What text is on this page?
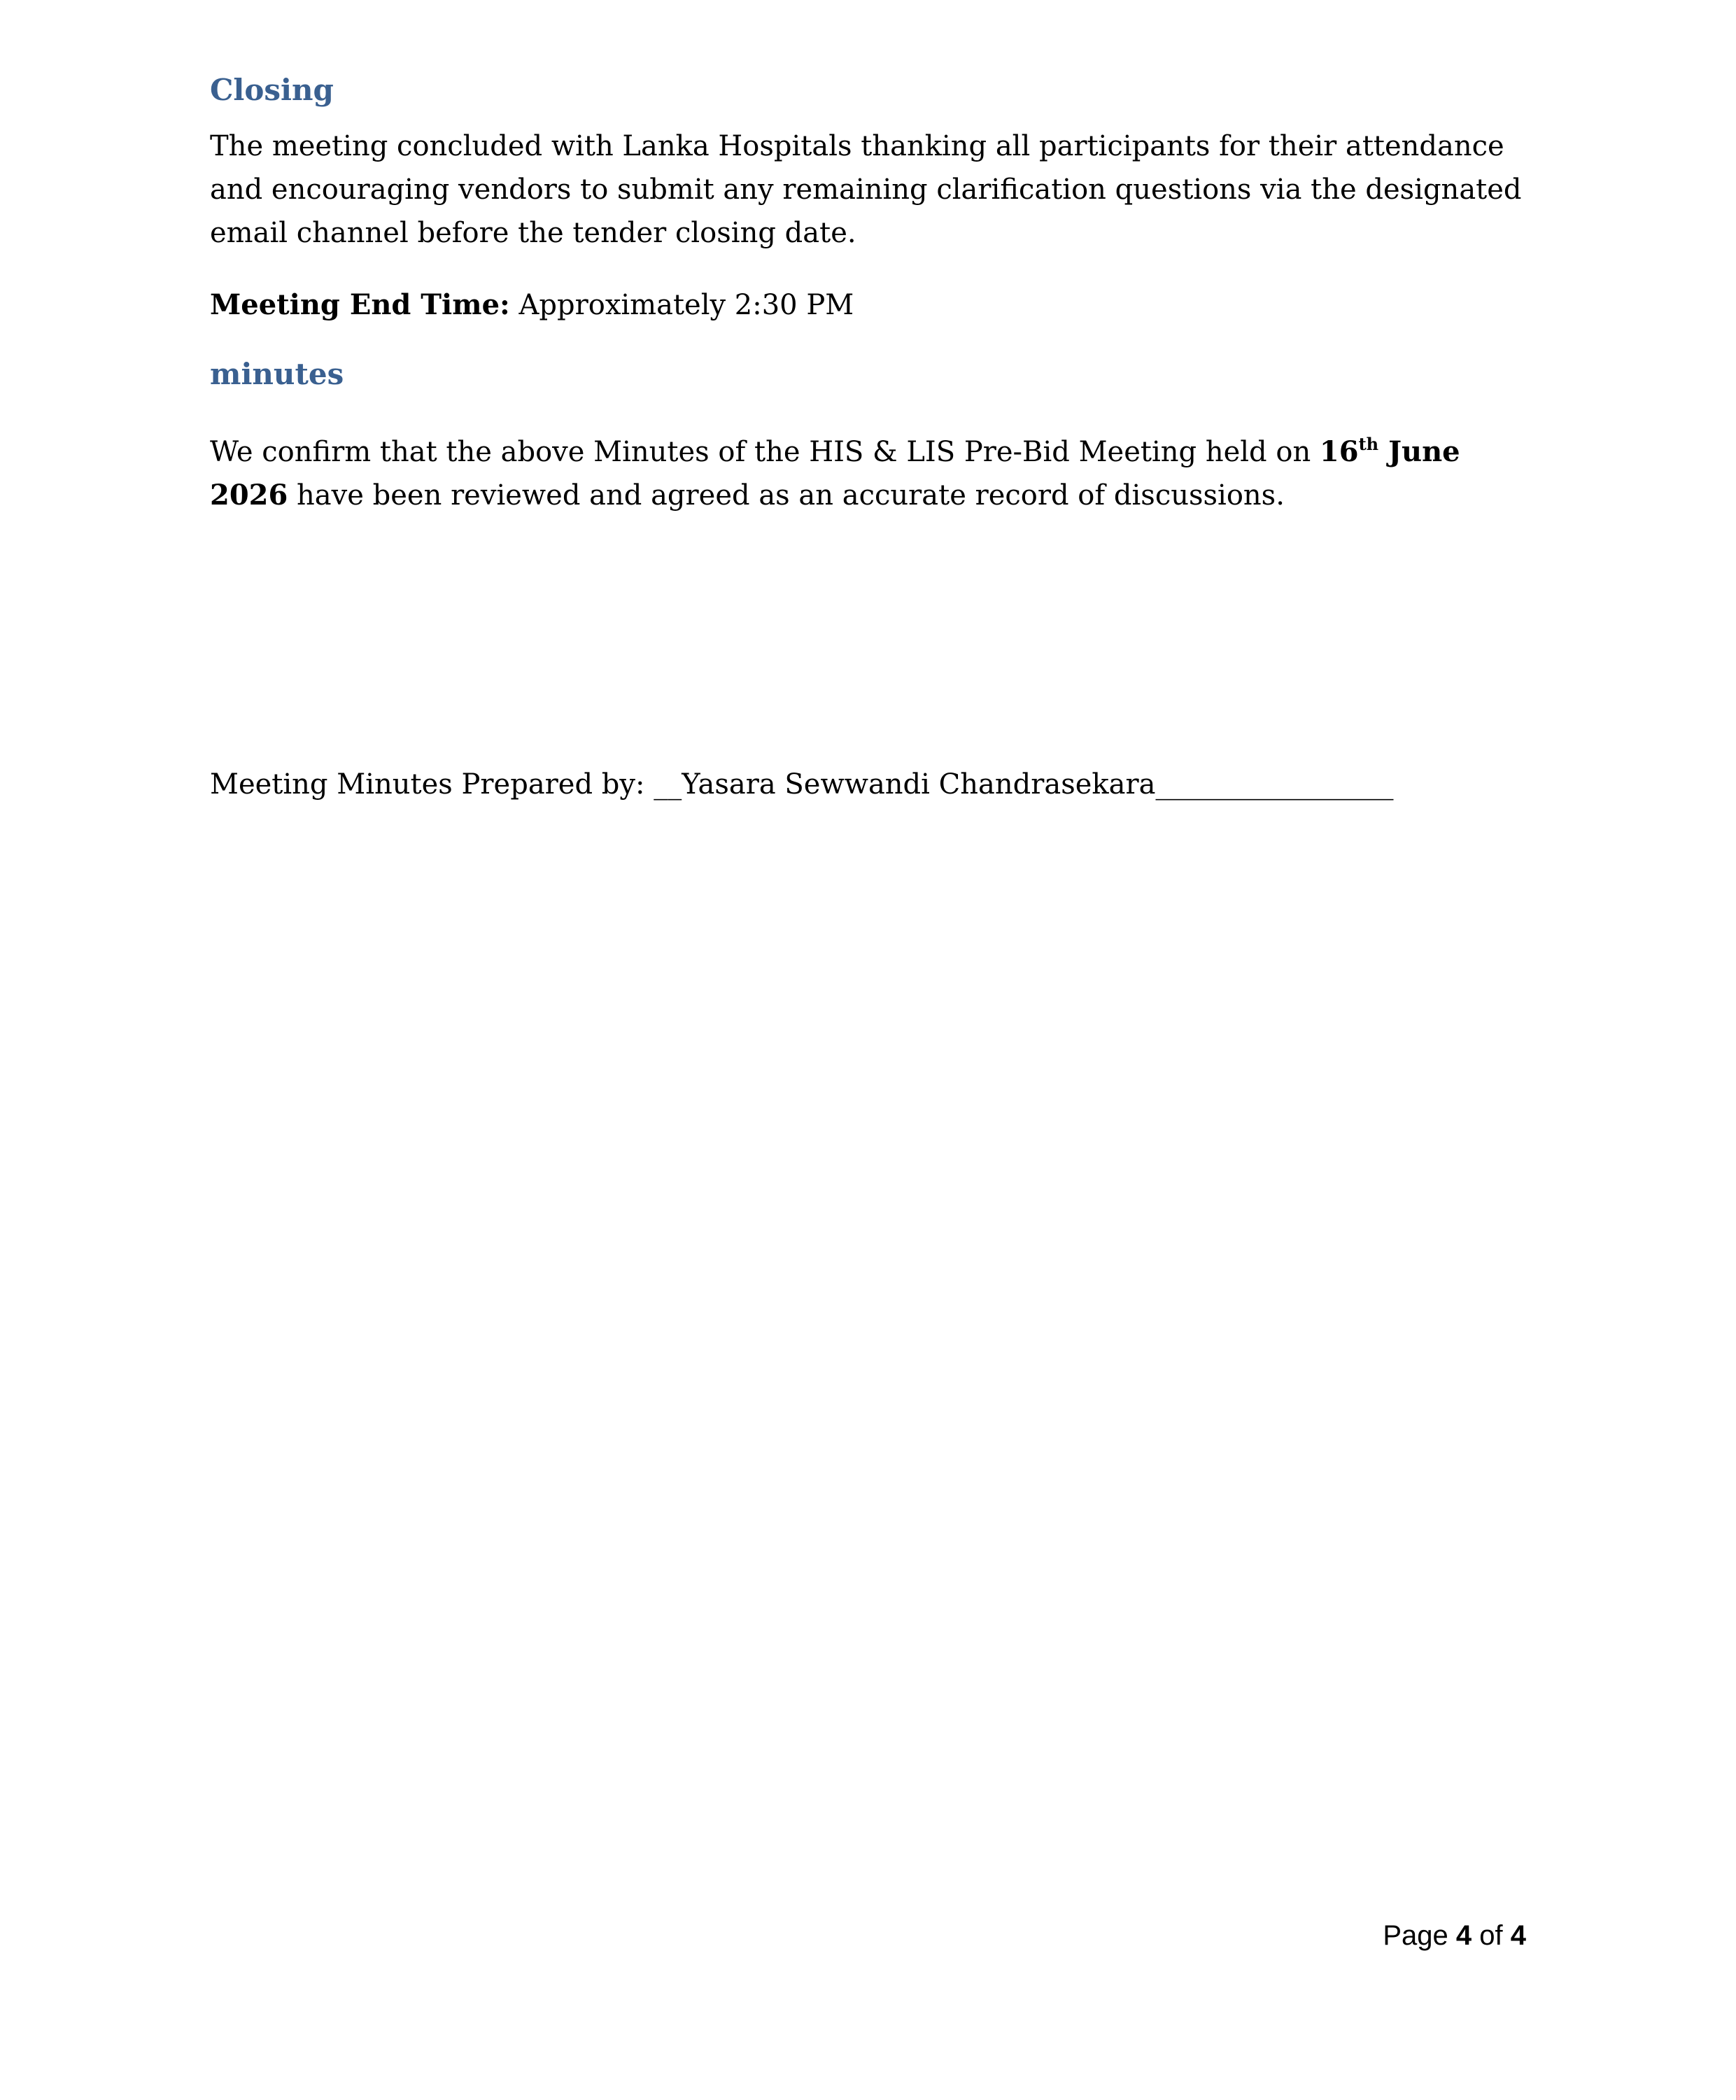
Closing

The meeting concluded with Lanka Hospitals thanking all participants for their attendance and encouraging vendors to submit any remaining clarification questions via the designated email channel before the tender closing date.

Meeting End Time: Approximately 2:30 PM

minutes

We confirm that the above Minutes of the HIS & LIS Pre-Bid Meeting held on 16th June 2026 have been reviewed and agreed as an accurate record of discussions.

Meeting Minutes Prepared by: __Yasara Sewwandi Chandrasekara_________________

Page 4 of 4
